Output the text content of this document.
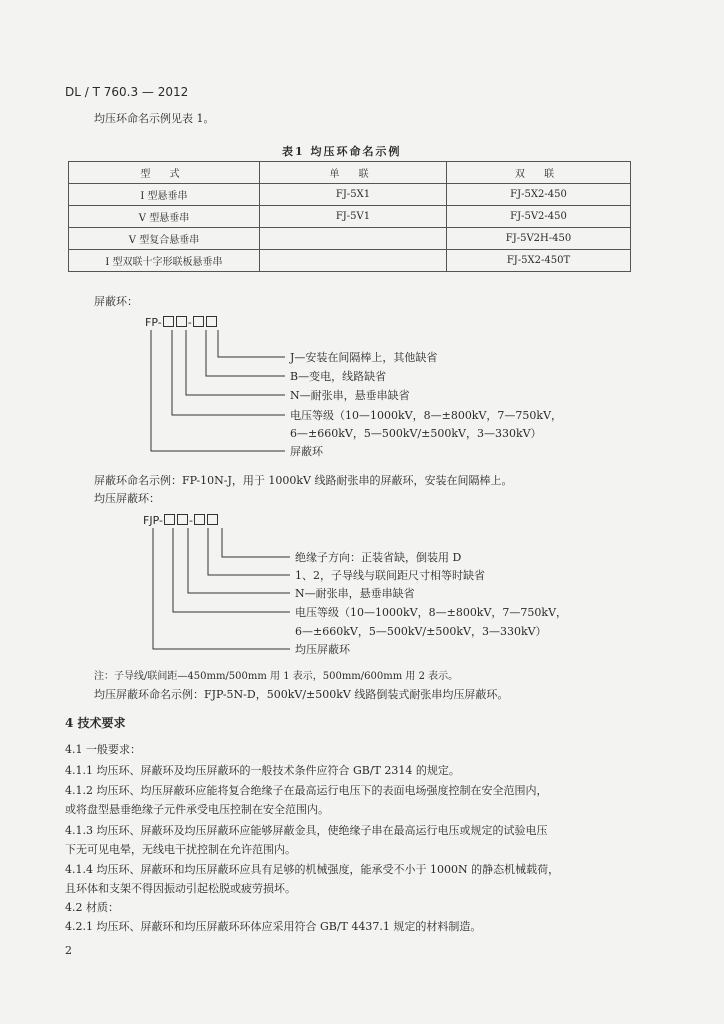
DL / T 760.3 — 2012
均压环命名示例见表 1。
表1 均压环命名示例
型 式	单 联	双 联
I 型悬垂串	FJ-5X1	FJ-5X2-450
V 型悬垂串	FJ-5V1	FJ-5V2-450
V 型复合悬垂串		FJ-5V2H-450
I 型双联十字形联板悬垂串		FJ-5X2-450T
屏蔽环：
FP- -
J—安装在间隔棒上，其他缺省
B—变电，线路缺省
N—耐张串，悬垂串缺省
电压等级（10—1000kV，8—±800kV，7—750kV，
6—±660kV，5—500kV/±500kV，3—330kV）
屏蔽环
屏蔽环命名示例：FP-10N-J，用于 1000kV 线路耐张串的屏蔽环，安装在间隔棒上。
均压屏蔽环：
FJP- -
绝缘子方向：正装省缺，倒装用 D
1、2，子导线与联间距尺寸相等时缺省
N—耐张串，悬垂串缺省
电压等级（10—1000kV，8—±800kV，7—750kV，
6—±660kV，5—500kV/±500kV，3—330kV）
均压屏蔽环
注：子导线/联间距—450mm/500mm 用 1 表示，500mm/600mm 用 2 表示。
均压屏蔽环命名示例：FJP-5N-D，500kV/±500kV 线路倒装式耐张串均压屏蔽环。
4 技术要求
4.1 一般要求：
4.1.1 均压环、屏蔽环及均压屏蔽环的一般技术条件应符合 GB/T 2314 的规定。
4.1.2 均压环、均压屏蔽环应能将复合绝缘子在最高运行电压下的表面电场强度控制在安全范围内，
或将盘型悬垂绝缘子元件承受电压控制在安全范围内。
4.1.3 均压环、屏蔽环及均压屏蔽环应能够屏蔽金具，使绝缘子串在最高运行电压或规定的试验电压
下无可见电晕，无线电干扰控制在允许范围内。
4.1.4 均压环、屏蔽环和均压屏蔽环应具有足够的机械强度，能承受不小于 1000N 的静态机械载荷，
且环体和支架不得因振动引起松脱或疲劳损坏。
4.2 材质：
4.2.1 均压环、屏蔽环和均压屏蔽环环体应采用符合 GB/T 4437.1 规定的材料制造。
2
